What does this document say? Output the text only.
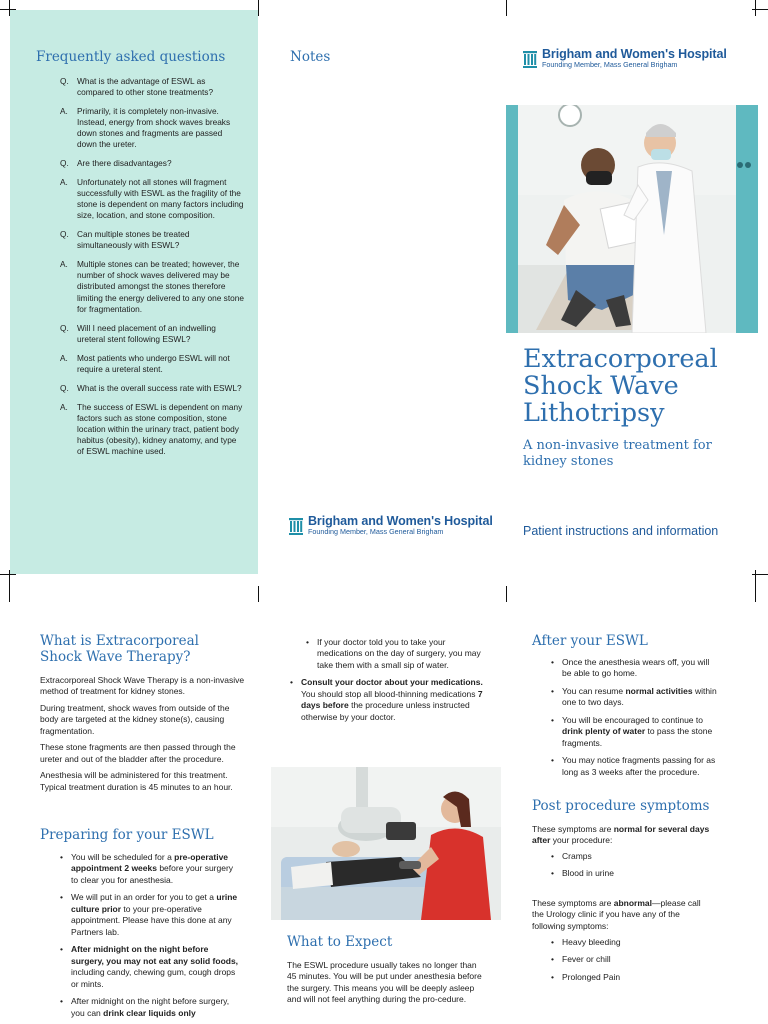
Frequently asked questions
Q. What is the advantage of ESWL as compared to other stone treatments?
A.	Primarily, it is completely non-invasive. Instead, energy from shock waves breaks down stones and fragments are passed down the ureter.
Q. Are there disadvantages?
A.	Unfortunately not all stones will fragment successfully with ESWL as the fragility of the stone is dependent on many factors including size, location, and stone composition.
Q. Can multiple stones be treated simultaneously with ESWL?
A.	Multiple stones can be treated; however, the number of shock waves delivered may be distributed amongst the stones therefore limiting the energy delivered to any one stone for fragmentation.
Q. Will I need placement of an indwelling ureteral stent following ESWL?
A.	Most patients who undergo ESWL will not require a ureteral stent.
Q. What is the overall success rate with ESWL?
A.	The success of ESWL is dependent on many factors such as stone composition, stone location within the urinary tract, patient body habitus (obesity), kidney anatomy, and type of ESWL machine used.
Notes	Brigham and Women's Hospital
Founding Member, Mass General Brigham
Extracorporeal Shock Wave Lithotripsy
A non-invasive treatment for kidney stones
Brigham and Women's Hospital
Founding Member, Mass General Brigham	Patient instructions and information
What is Extracorporeal Shock Wave Therapy?

Extracorporeal Shock Wave Therapy is a non-invasive method of treatment for kidney stones.

During treatment, shock waves from outside of the body are targeted at the kidney stone(s), causing fragmentation.

These stone fragments are then passed through the ureter and out of the bladder after the procedure.

Anesthesia will be administered for this treatment. Typical treatment duration is 45 minutes to an hour.

Preparing for your ESWL
• You will be scheduled for a pre-operative appointment 2 weeks before your surgery to clear you for anesthesia.
• We will put in an order for you to get a urine culture prior to your pre-operative appointment. Please have this done at any Partners lab.
• After midnight on the night before surgery, you may not eat any solid foods, including candy, chewing gum, cough drops or mints.
• After midnight on the night before surgery, you can drink clear liquids only
• If your doctor told you to take your medications on the day of surgery, you may take them with a small sip of water.
• Consult your doctor about your medications. You should stop all blood-thinning medications 7 days before the procedure unless instructed otherwise by your doctor.
What to Expect
The ESWL procedure usually takes no longer than 45 minutes. You will be put under anesthesia before the surgery. This means you will be deeply asleep and will not feel anything during the pro-cedure.
After your ESWL
• Once the anesthesia wears off, you will be able to go home.
• You can resume normal activities within one to two days.
• You will be encouraged to continue to drink plenty of water to pass the stone fragments.
• You may notice fragments passing for as long as 3 weeks after the procedure.
Post procedure symptoms
These symptoms are normal for several days after your procedure:
• Cramps
• Blood in urine
These symptoms are abnormal—please call the Urology clinic if you have any of the following symptoms:
• Heavy bleeding
• Fever or chill
• Prolonged Pain
